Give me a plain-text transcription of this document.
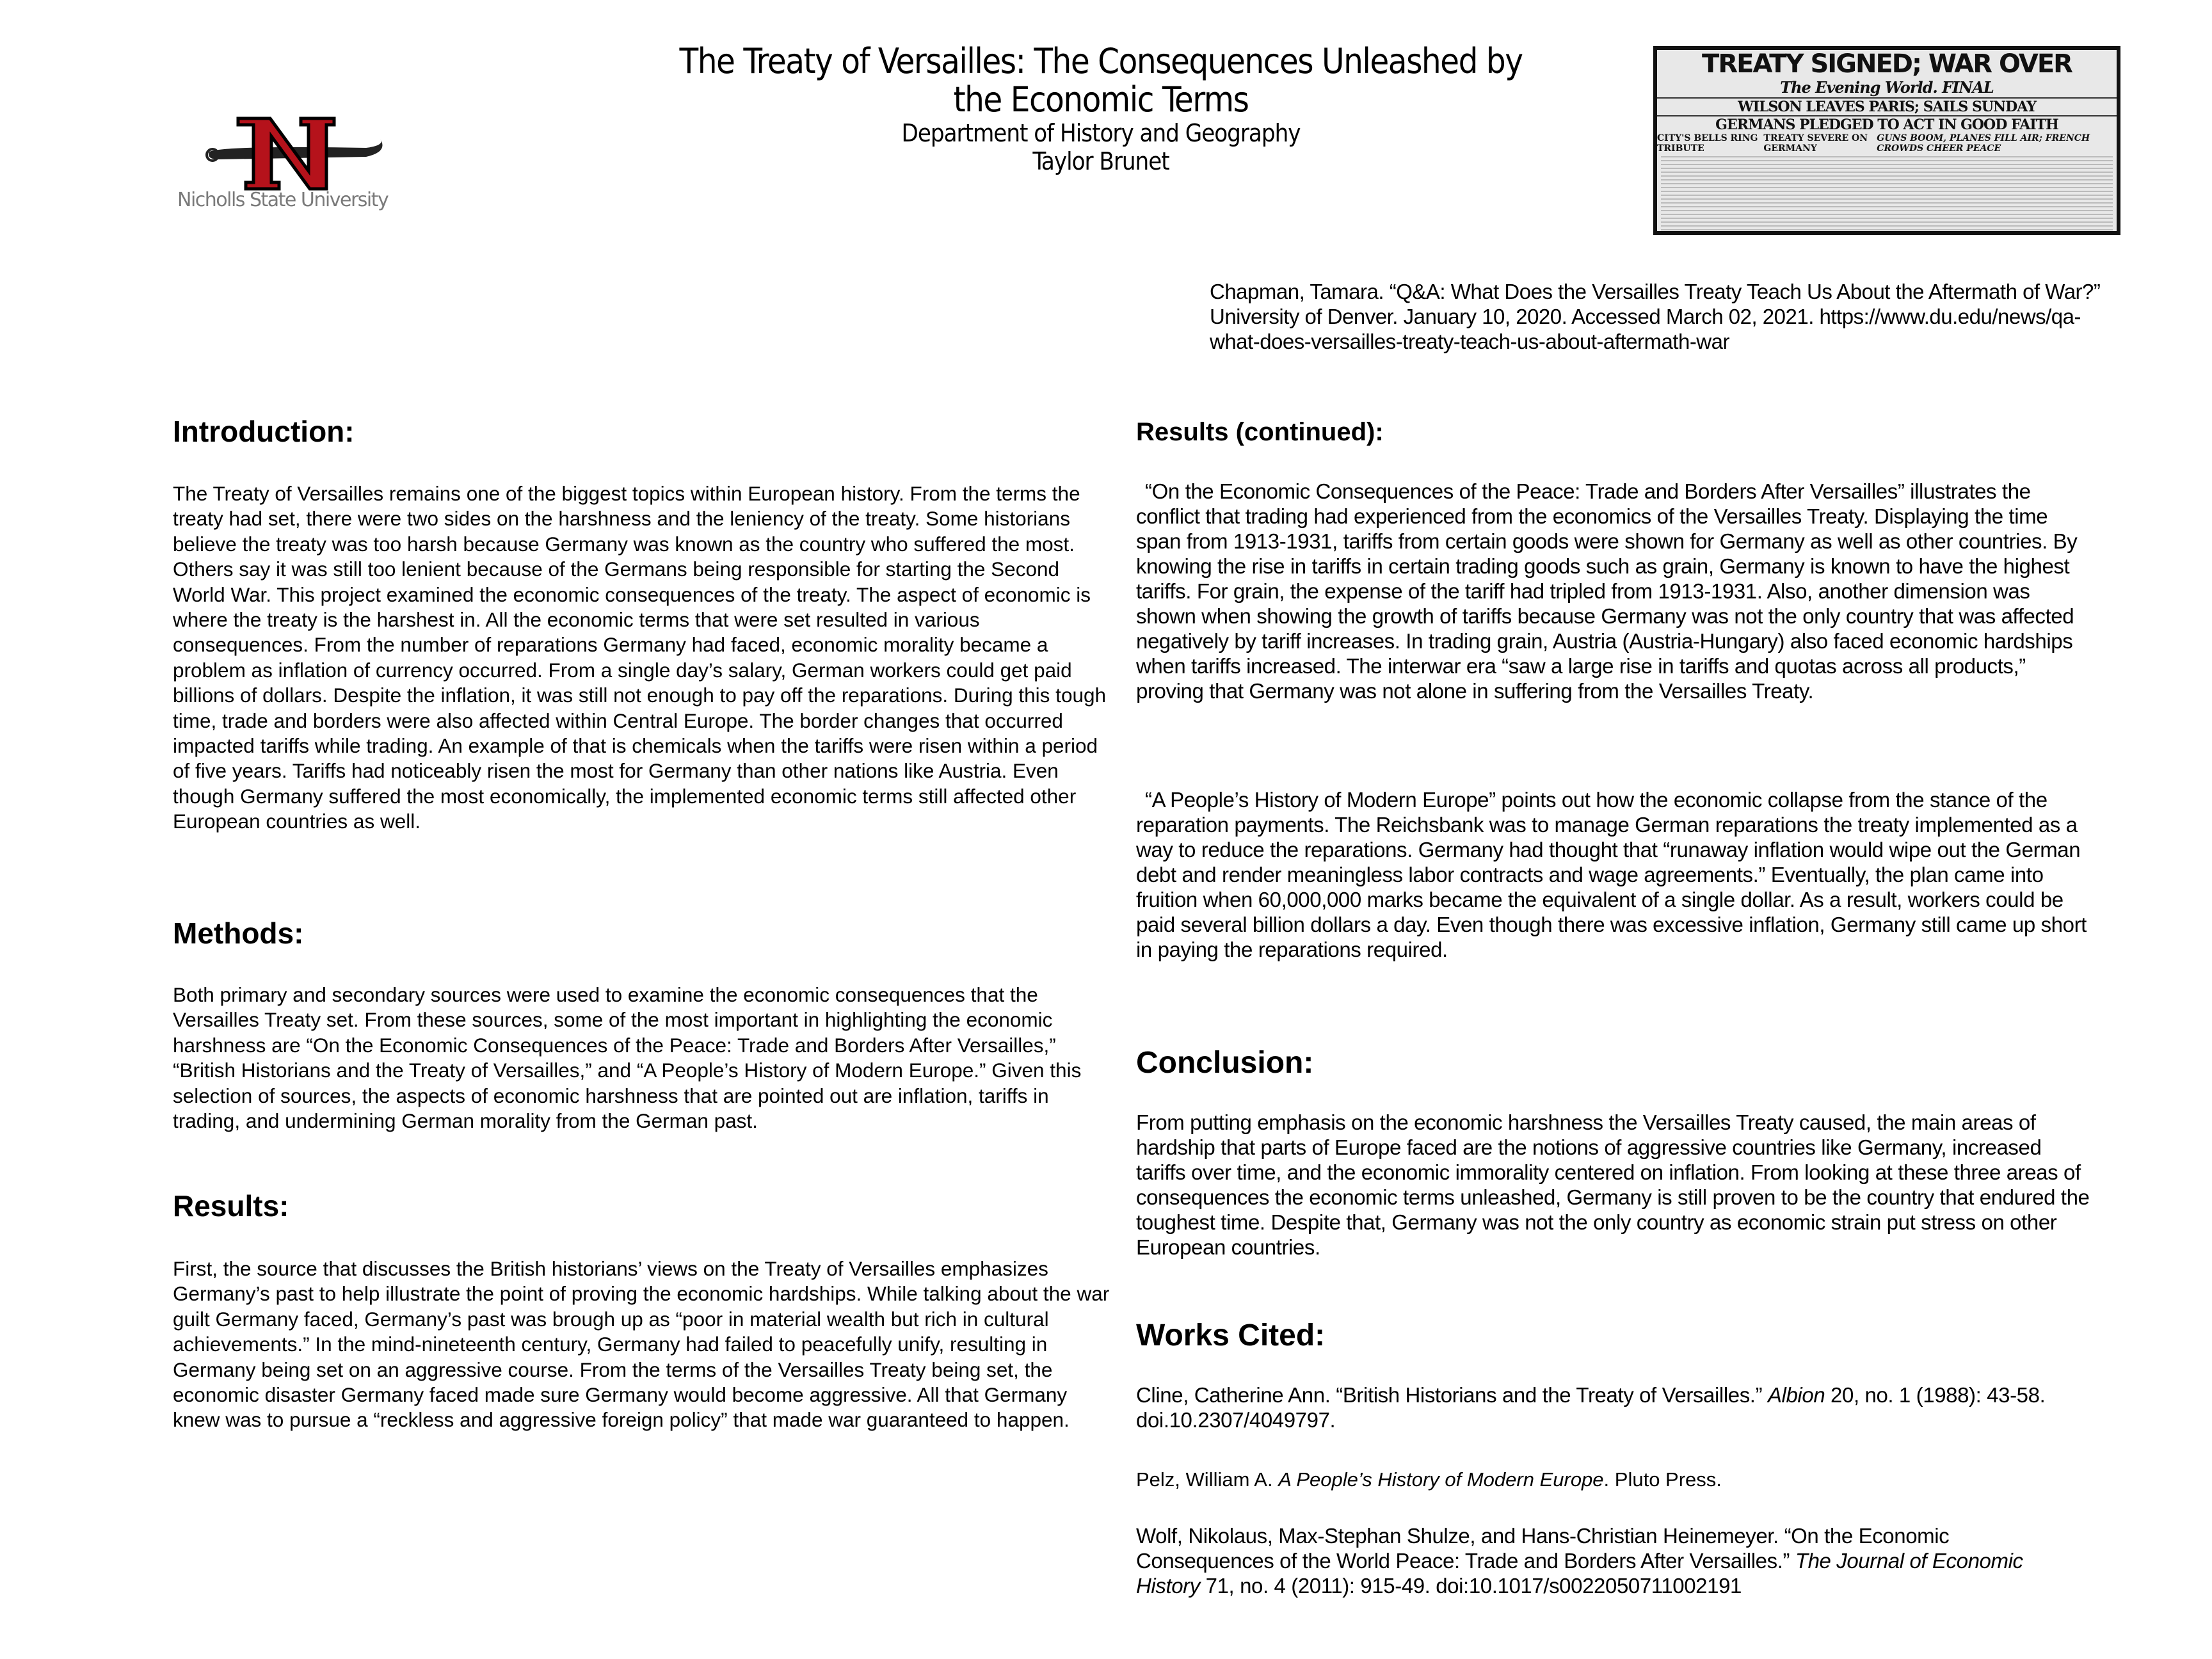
The Treaty of Versailles: The Consequences Unleashed by
the Economic Terms
Department of History and Geography
Taylor Brunet
Nicholls State University
TREATY SIGNED; WAR OVER
The Evening World. FINAL
WILSON LEAVES PARIS; SAILS SUNDAY
GERMANS PLEDGED TO ACT IN GOOD FAITH
CITY'S BELLS RING TRIBUTE
TREATY SEVERE ON GERMANY
GUNS BOOM, PLANES FILL AIR; FRENCH CROWDS CHEER PEACE
Chapman, Tamara. “Q&A: What Does the Versailles Treaty Teach Us About the Aftermath of War?” University of Denver. January 10, 2020. Accessed March 02, 2021. https://www.du.edu/news/qa-what-does-versailles-treaty-teach-us-about-aftermath-war
Introduction:
The Treaty of Versailles remains one of the biggest topics within European history. From the terms the treaty had set, there were two sides on the harshness and the leniency of the treaty. Some historians believe the treaty was too harsh because Germany was known as the country who suffered the most. Others say it was still too lenient because of the Germans being responsible for starting the Second World War. This project examined the economic consequences of the treaty. The aspect of economic is where the treaty is the harshest in. All the economic terms that were set resulted in various consequences. From the number of reparations Germany had faced, economic morality became a problem as inflation of currency occurred. From a single day’s salary, German workers could get paid billions of dollars. Despite the inflation, it was still not enough to pay off the reparations. During this tough time, trade and borders were also affected within Central Europe. The border changes that occurred impacted tariffs while trading. An example of that is chemicals when the tariffs were risen within a period of five years. Tariffs had noticeably risen the most for Germany than other nations like Austria. Even though Germany suffered the most economically, the implemented economic terms still affected other European countries as well.
Methods:
Both primary and secondary sources were used to examine the economic consequences that the Versailles Treaty set. From these sources, some of the most important in highlighting the economic harshness are “On the Economic Consequences of the Peace: Trade and Borders After Versailles,” “British Historians and the Treaty of Versailles,” and “A People’s History of Modern Europe.” Given this selection of sources, the aspects of economic harshness that are pointed out are inflation, tariffs in trading, and undermining German morality from the German past.
Results:
First, the source that discusses the British historians’ views on the Treaty of Versailles emphasizes Germany’s past to help illustrate the point of proving the economic hardships. While talking about the war guilt Germany faced, Germany’s past was brough up as “poor in material wealth but rich in cultural achievements.” In the mind-nineteenth century, Germany had failed to peacefully unify, resulting in Germany being set on an aggressive course. From the terms of the Versailles Treaty being set, the economic disaster Germany faced made sure Germany would become aggressive. All that Germany knew was to pursue a “reckless and aggressive foreign policy” that made war guaranteed to happen.
Results (continued):
“On the Economic Consequences of the Peace: Trade and Borders After Versailles” illustrates the conflict that trading had experienced from the economics of the Versailles Treaty. Displaying the time span from 1913-1931, tariffs from certain goods were shown for Germany as well as other countries. By knowing the rise in tariffs in certain trading goods such as grain, Germany is known to have the highest tariffs. For grain, the expense of the tariff had tripled from 1913-1931. Also, another dimension was shown when showing the growth of tariffs because Germany was not the only country that was affected negatively by tariff increases. In trading grain, Austria (Austria-Hungary) also faced economic hardships when tariffs increased. The interwar era “saw a large rise in tariffs and quotas across all products,” proving that Germany was not alone in suffering from the Versailles Treaty.
“A People’s History of Modern Europe” points out how the economic collapse from the stance of the reparation payments. The Reichsbank was to manage German reparations the treaty implemented as a way to reduce the reparations. Germany had thought that “runaway inflation would wipe out the German debt and render meaningless labor contracts and wage agreements.” Eventually, the plan came into fruition when 60,000,000 marks became the equivalent of a single dollar. As a result, workers could be paid several billion dollars a day. Even though there was excessive inflation, Germany still came up short in paying the reparations required.
Conclusion:
From putting emphasis on the economic harshness the Versailles Treaty caused, the main areas of hardship that parts of Europe faced are the notions of aggressive countries like Germany, increased tariffs over time, and the economic immorality centered on inflation. From looking at these three areas of consequences the economic terms unleashed, Germany is still proven to be the country that endured the toughest time. Despite that, Germany was not the only country as economic strain put stress on other European countries.
Works Cited:
Cline, Catherine Ann. “British Historians and the Treaty of Versailles.” Albion 20, no. 1 (1988): 43-58. doi.10.2307/4049797.
Pelz, William A. A People’s History of Modern Europe. Pluto Press.
Wolf, Nikolaus, Max-Stephan Shulze, and Hans-Christian Heinemeyer. “On the Economic Consequences of the World Peace: Trade and Borders After Versailles.” The Journal of Economic History 71, no. 4 (2011): 915-49. doi:10.1017/s0022050711002191
